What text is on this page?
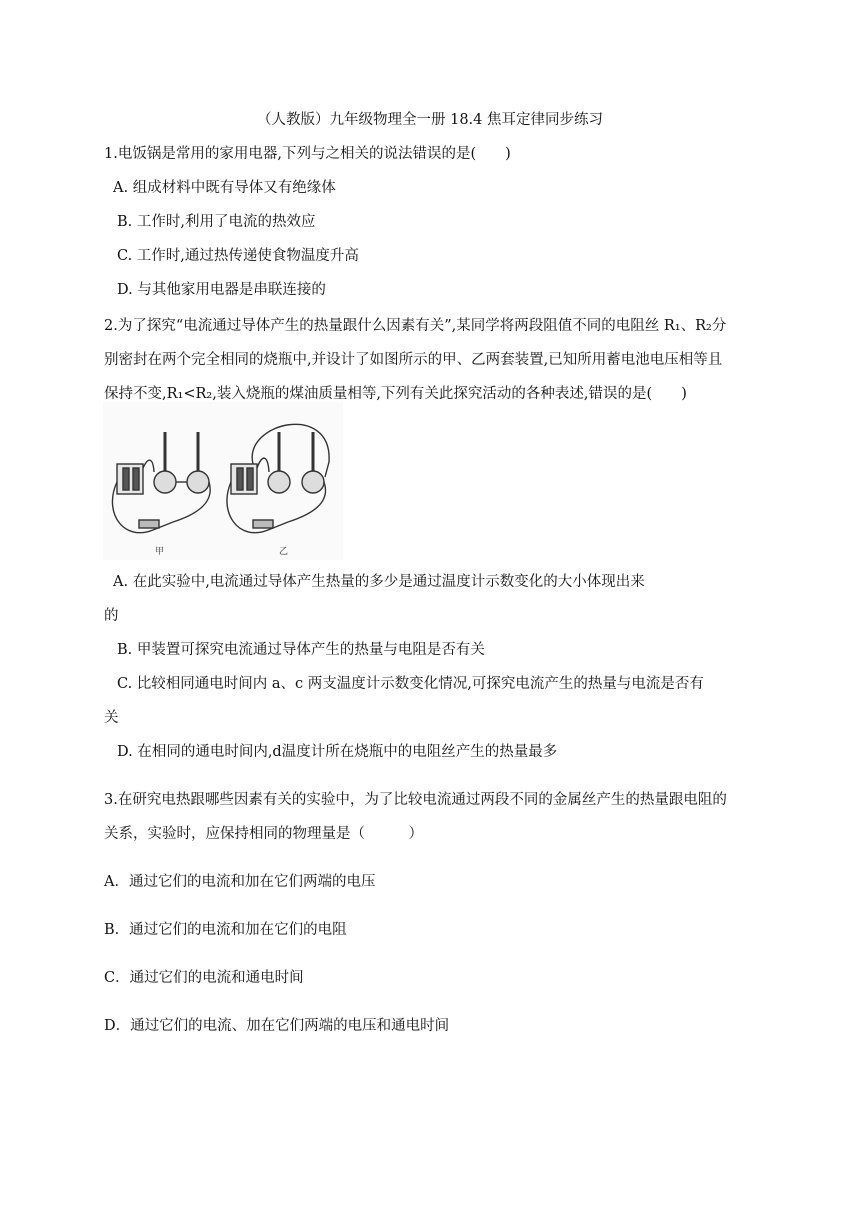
（人教版）九年级物理全一册 18.4 焦耳定律同步练习
1.电饭锅是常用的家用电器,下列与之相关的说法错误的是(　　)
A. 组成材料中既有导体又有绝缘体
B. 工作时,利用了电流的热效应
C. 工作时,通过热传递使食物温度升高
D. 与其他家用电器是串联连接的
2.为了探究“电流通过导体产生的热量跟什么因素有关”,某同学将两段阻值不同的电阻丝 R₁、R₂分
别密封在两个完全相同的烧瓶中,并设计了如图所示的甲、乙两套装置,已知所用蓄电池电压相等且
保持不变,R₁<R₂,装入烧瓶的煤油质量相等,下列有关此探究活动的各种表述,错误的是(　　)
甲	乙
A. 在此实验中,电流通过导体产生热量的多少是通过温度计示数变化的大小体现出来
的
B. 甲装置可探究电流通过导体产生的热量与电阻是否有关
C. 比较相同通电时间内 a、c 两支温度计示数变化情况,可探究电流产生的热量与电流是否有
关
D. 在相同的通电时间内,d温度计所在烧瓶中的电阻丝产生的热量最多
3.在研究电热跟哪些因素有关的实验中，为了比较电流通过两段不同的金属丝产生的热量跟电阻的
关系，实验时，应保持相同的物理量是（　　　）
A．通过它们的电流和加在它们两端的电压
B．通过它们的电流和加在它们的电阻
C．通过它们的电流和通电时间
D．通过它们的电流、加在它们两端的电压和通电时间
